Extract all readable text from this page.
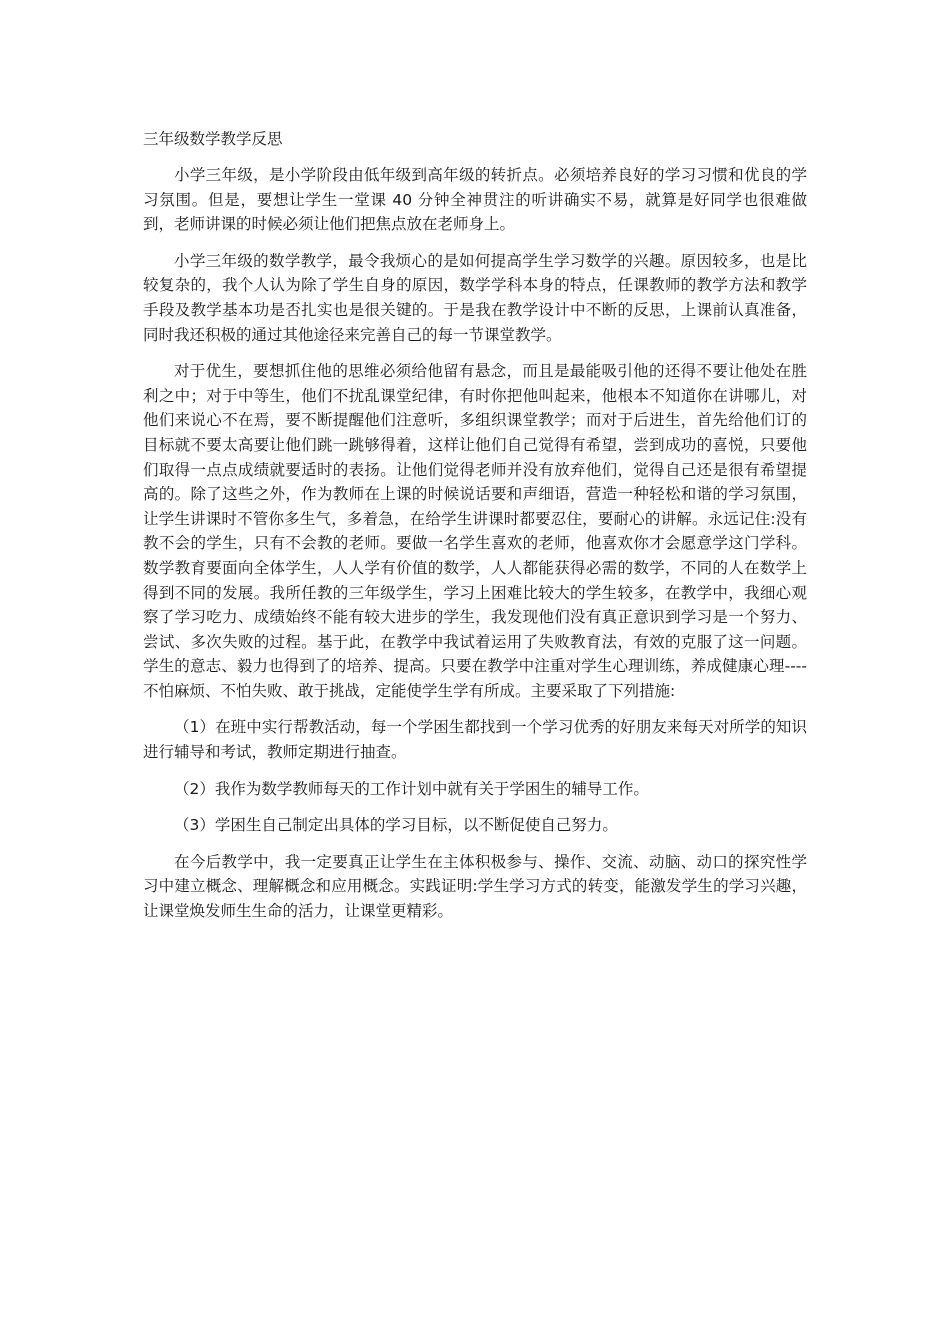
三年级数学教学反思

小学三年级，是小学阶段由低年级到高年级的转折点。必须培养良好的学习习惯和优良的学习氛围。但是，要想让学生一堂课 40 分钟全神贯注的听讲确实不易，就算是好同学也很难做到，老师讲课的时候必须让他们把焦点放在老师身上。

小学三年级的数学教学，最令我烦心的是如何提高学生学习数学的兴趣。原因较多，也是比较复杂的，我个人认为除了学生自身的原因，数学学科本身的特点，任课教师的教学方法和教学手段及教学基本功是否扎实也是很关键的。于是我在教学设计中不断的反思，上课前认真准备，同时我还积极的通过其他途径来完善自己的每一节课堂教学。

对于优生，要想抓住他的思维必须给他留有悬念，而且是最能吸引他的还得不要让他处在胜利之中；对于中等生，他们不扰乱课堂纪律，有时你把他叫起来，他根本不知道你在讲哪儿，对他们来说心不在焉，要不断提醒他们注意听，多组织课堂教学；而对于后进生，首先给他们订的目标就不要太高要让他们跳一跳够得着，这样让他们自己觉得有希望，尝到成功的喜悦，只要他们取得一点点成绩就要适时的表扬。让他们觉得老师并没有放弃他们，觉得自己还是很有希望提高的。除了这些之外，作为教师在上课的时候说话要和声细语，营造一种轻松和谐的学习氛围，让学生讲课时不管你多生气，多着急，在给学生讲课时都要忍住，要耐心的讲解。永远记住:没有教不会的学生，只有不会教的老师。要做一名学生喜欢的老师，他喜欢你才会愿意学这门学科。数学教育要面向全体学生，人人学有价值的数学，人人都能获得必需的数学，不同的人在数学上得到不同的发展。我所任教的三年级学生，学习上困难比较大的学生较多，在教学中，我细心观察了学习吃力、成绩始终不能有较大进步的学生，我发现他们没有真正意识到学习是一个努力、尝试、多次失败的过程。基于此，在教学中我试着运用了失败教育法，有效的克服了这一问题。学生的意志、毅力也得到了的培养、提高。只要在教学中注重对学生心理训练，养成健康心理----不怕麻烦、不怕失败、敢于挑战，定能使学生学有所成。主要采取了下列措施:

（1）在班中实行帮教活动，每一个学困生都找到一个学习优秀的好朋友来每天对所学的知识进行辅导和考试，教师定期进行抽查。

（2）我作为数学教师每天的工作计划中就有关于学困生的辅导工作。

（3）学困生自己制定出具体的学习目标，以不断促使自己努力。

在今后教学中，我一定要真正让学生在主体积极参与、操作、交流、动脑、动口的探究性学习中建立概念、理解概念和应用概念。实践证明:学生学习方式的转变，能激发学生的学习兴趣，让课堂焕发师生生命的活力，让课堂更精彩。
